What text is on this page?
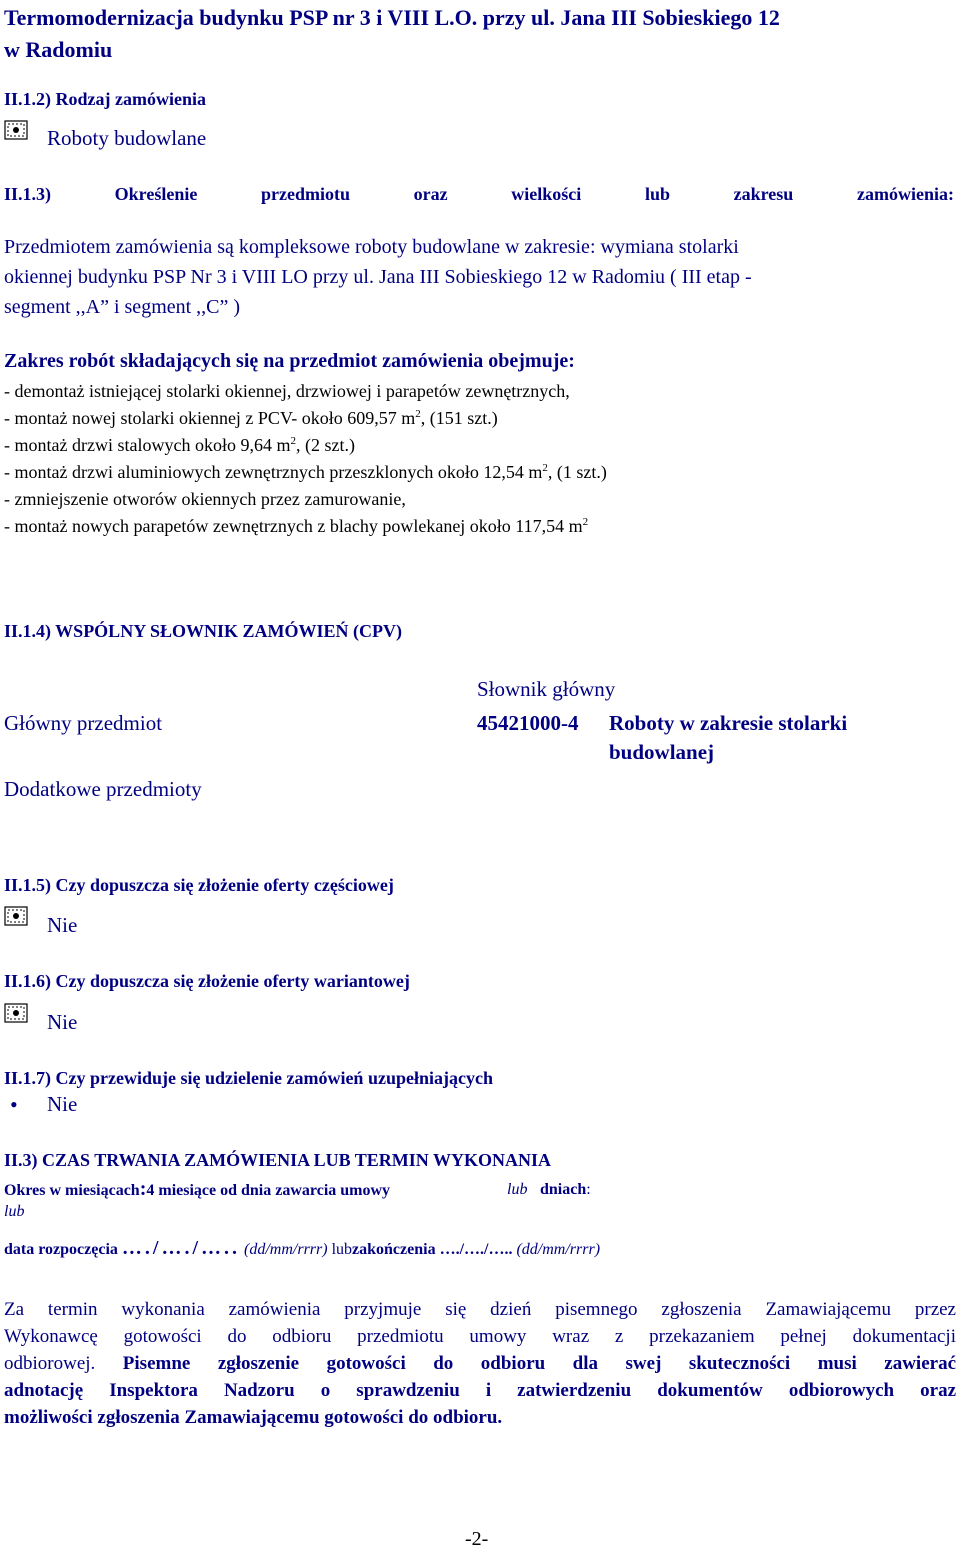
Termomodernizacja budynku PSP nr 3 i VIII L.O. przy ul. Jana III Sobieskiego 12
w Radomiu
II.1.2) Rodzaj zamówienia
Roboty budowlane
II.1.3)	Określenie	przedmiotu	oraz	wielkości	lub	zakresu	zamówienia:
Przedmiotem zamówienia są kompleksowe roboty budowlane w zakresie: wymiana stolarki
okiennej budynku PSP Nr 3 i VIII LO przy ul. Jana III Sobieskiego 12 w Radomiu ( III etap -
segment ,,A” i segment ,,C” )
Zakres robót składających się na przedmiot zamówienia obejmuje:
- demontaż istniejącej stolarki okiennej, drzwiowej i parapetów zewnętrznych,
- montaż nowej stolarki okiennej z PCV- około 609,57 $m^2$, (151 szt.)
- montaż drzwi stalowych około 9,64 $m^2$, (2 szt.)
- montaż drzwi aluminiowych zewnętrznych przeszklonych około 12,54 $m^2$, (1 szt.)
- zmniejszenie otworów okiennych przez zamurowanie,
- montaż nowych parapetów zewnętrznych z blachy powlekanej około 117,54 $m^2$
II.1.4) WSPÓLNY SŁOWNIK ZAMÓWIEŃ (CPV)
Słownik główny
Główny przedmiot	45421000-4 Roboty w zakresie stolarki
budowlanej
Dodatkowe przedmioty
II.1.5) Czy dopuszcza się złożenie oferty częściowej
Nie
II.1.6) Czy dopuszcza się złożenie oferty wariantowej
Nie
II.1.7) Czy przewiduje się udzielenie zamówień uzupełniających
• Nie
II.3) CZAS TRWANIA ZAMÓWIENIA LUB TERMIN WYKONANIA
Okres w miesiącach:4 miesiące od dnia zawarcia umowy	lub dniach:
lub
data rozpoczęcia …./…./….. (dd/mm/rrrr) lubzakończenia …./…./….. (dd/mm/rrrr)
Za termin wykonania zamówienia przyjmuje się dzień pisemnego zgłoszenia Zamawiającemu przez
Wykonawcę gotowości do odbioru przedmiotu umowy wraz z przekazaniem pełnej dokumentacji
odbiorowej. Pisemne zgłoszenie gotowości do odbioru dla swej skuteczności musi zawierać
adnotację Inspektora Nadzoru o sprawdzeniu i zatwierdzeniu dokumentów odbiorowych oraz
możliwości zgłoszenia Zamawiającemu gotowości do odbioru.
-2-
